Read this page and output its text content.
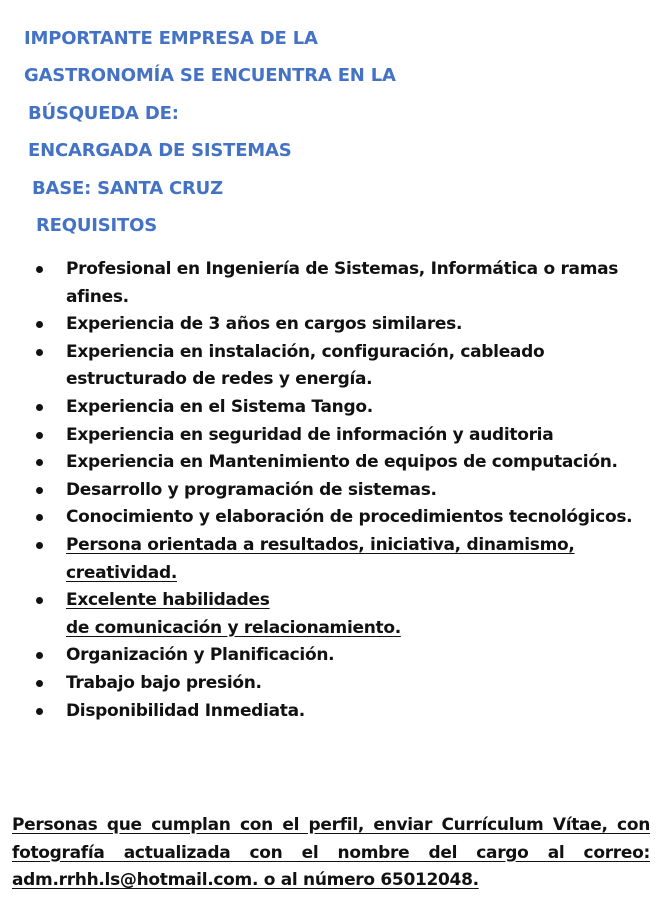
IMPORTANTE EMPRESA DE LA
GASTRONOMÍA SE ENCUENTRA EN LA
BÚSQUEDA DE:
ENCARGADA DE SISTEMAS
BASE: SANTA CRUZ
REQUISITOS
Profesional en Ingeniería de Sistemas, Informática o ramas afines.
Experiencia de 3 años en cargos similares.
Experiencia en instalación, configuración, cableado estructurado de redes y energía.
Experiencia en el Sistema Tango.
Experiencia en seguridad de información y auditoria
Experiencia en Mantenimiento de equipos de computación.
Desarrollo y programación de sistemas.
Conocimiento y elaboración de procedimientos tecnológicos.
Persona orientada a resultados, iniciativa, dinamismo, creatividad.
Excelente habilidades
de comunicación y relacionamiento.
Organización y Planificación.
Trabajo bajo presión.
Disponibilidad Inmediata.

Personas que cumplan con el perfil, enviar Currículum Vítae, con fotografía actualizada con el nombre del cargo al correo: adm.rrhh.ls@hotmail.com. o al número 65012048.
